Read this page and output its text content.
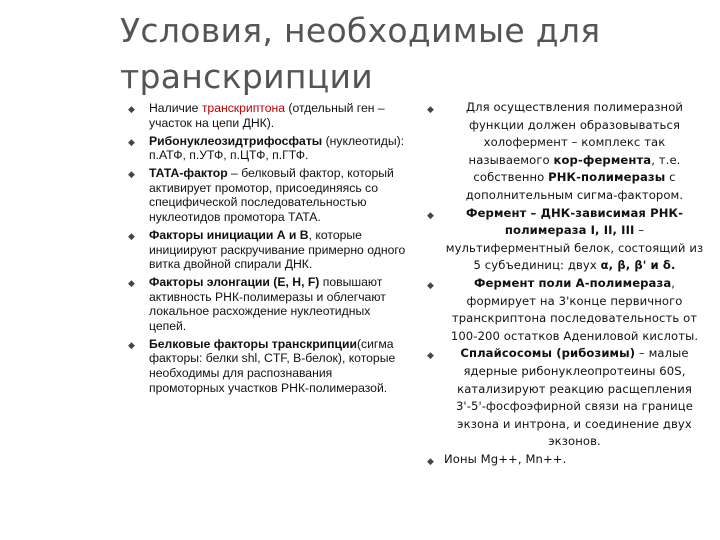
Условия, необходимые для транскрипции
◆ Наличие транскриптона (отдельный ген – участок на цепи ДНК).
◆ Рибонуклеозидтрифосфаты (нуклеотиды): п.АТФ, п.УТФ, п.ЦТФ, п.ГТФ.
◆ ТАТА-фактор – белковый фактор, который активирует промотор, присоединяясь со специфической последовательностью нуклеотидов промотора ТАТА.
◆ Факторы инициации А и В, которые инициируют раскручивание примерно одного витка двойной спирали ДНК.
◆ Факторы элонгации (Е, Н, F) повышают активность РНК-полимеразы и облегчают локальное расхождение нуклеотидных цепей.
◆ Белковые факторы транскрипции(сигма факторы: белки shl, CTF, B-белок), которые необходимы для распознавания промоторных участков РНК-полимеразой.
◆	Для осуществления полимеразной функции должен образовываться холофермент – комплекс так называемого кор-фермента, т.е. собственно РНК-полимеразы с дополнительным сигма-фактором.
◆	Фермент – ДНК-зависимая РНК-полимераза I, II, III – мультиферментный белок, состоящий из 5 субъединиц: двух α, β, β' и δ.
◆	Фермент поли А-полимераза, формирует на 3'конце первичного транскриптона последовательность от 100-200 остатков Адениловой кислоты.
◆	Сплайсосомы (рибозимы) – малые ядерные рибонуклеопротеины 60S, катализируют реакцию расщепления 3'-5'-фосфоэфирной связи на границе экзона и интрона, и соединение двух экзонов.
◆ Ионы Mg++, Mn++.
